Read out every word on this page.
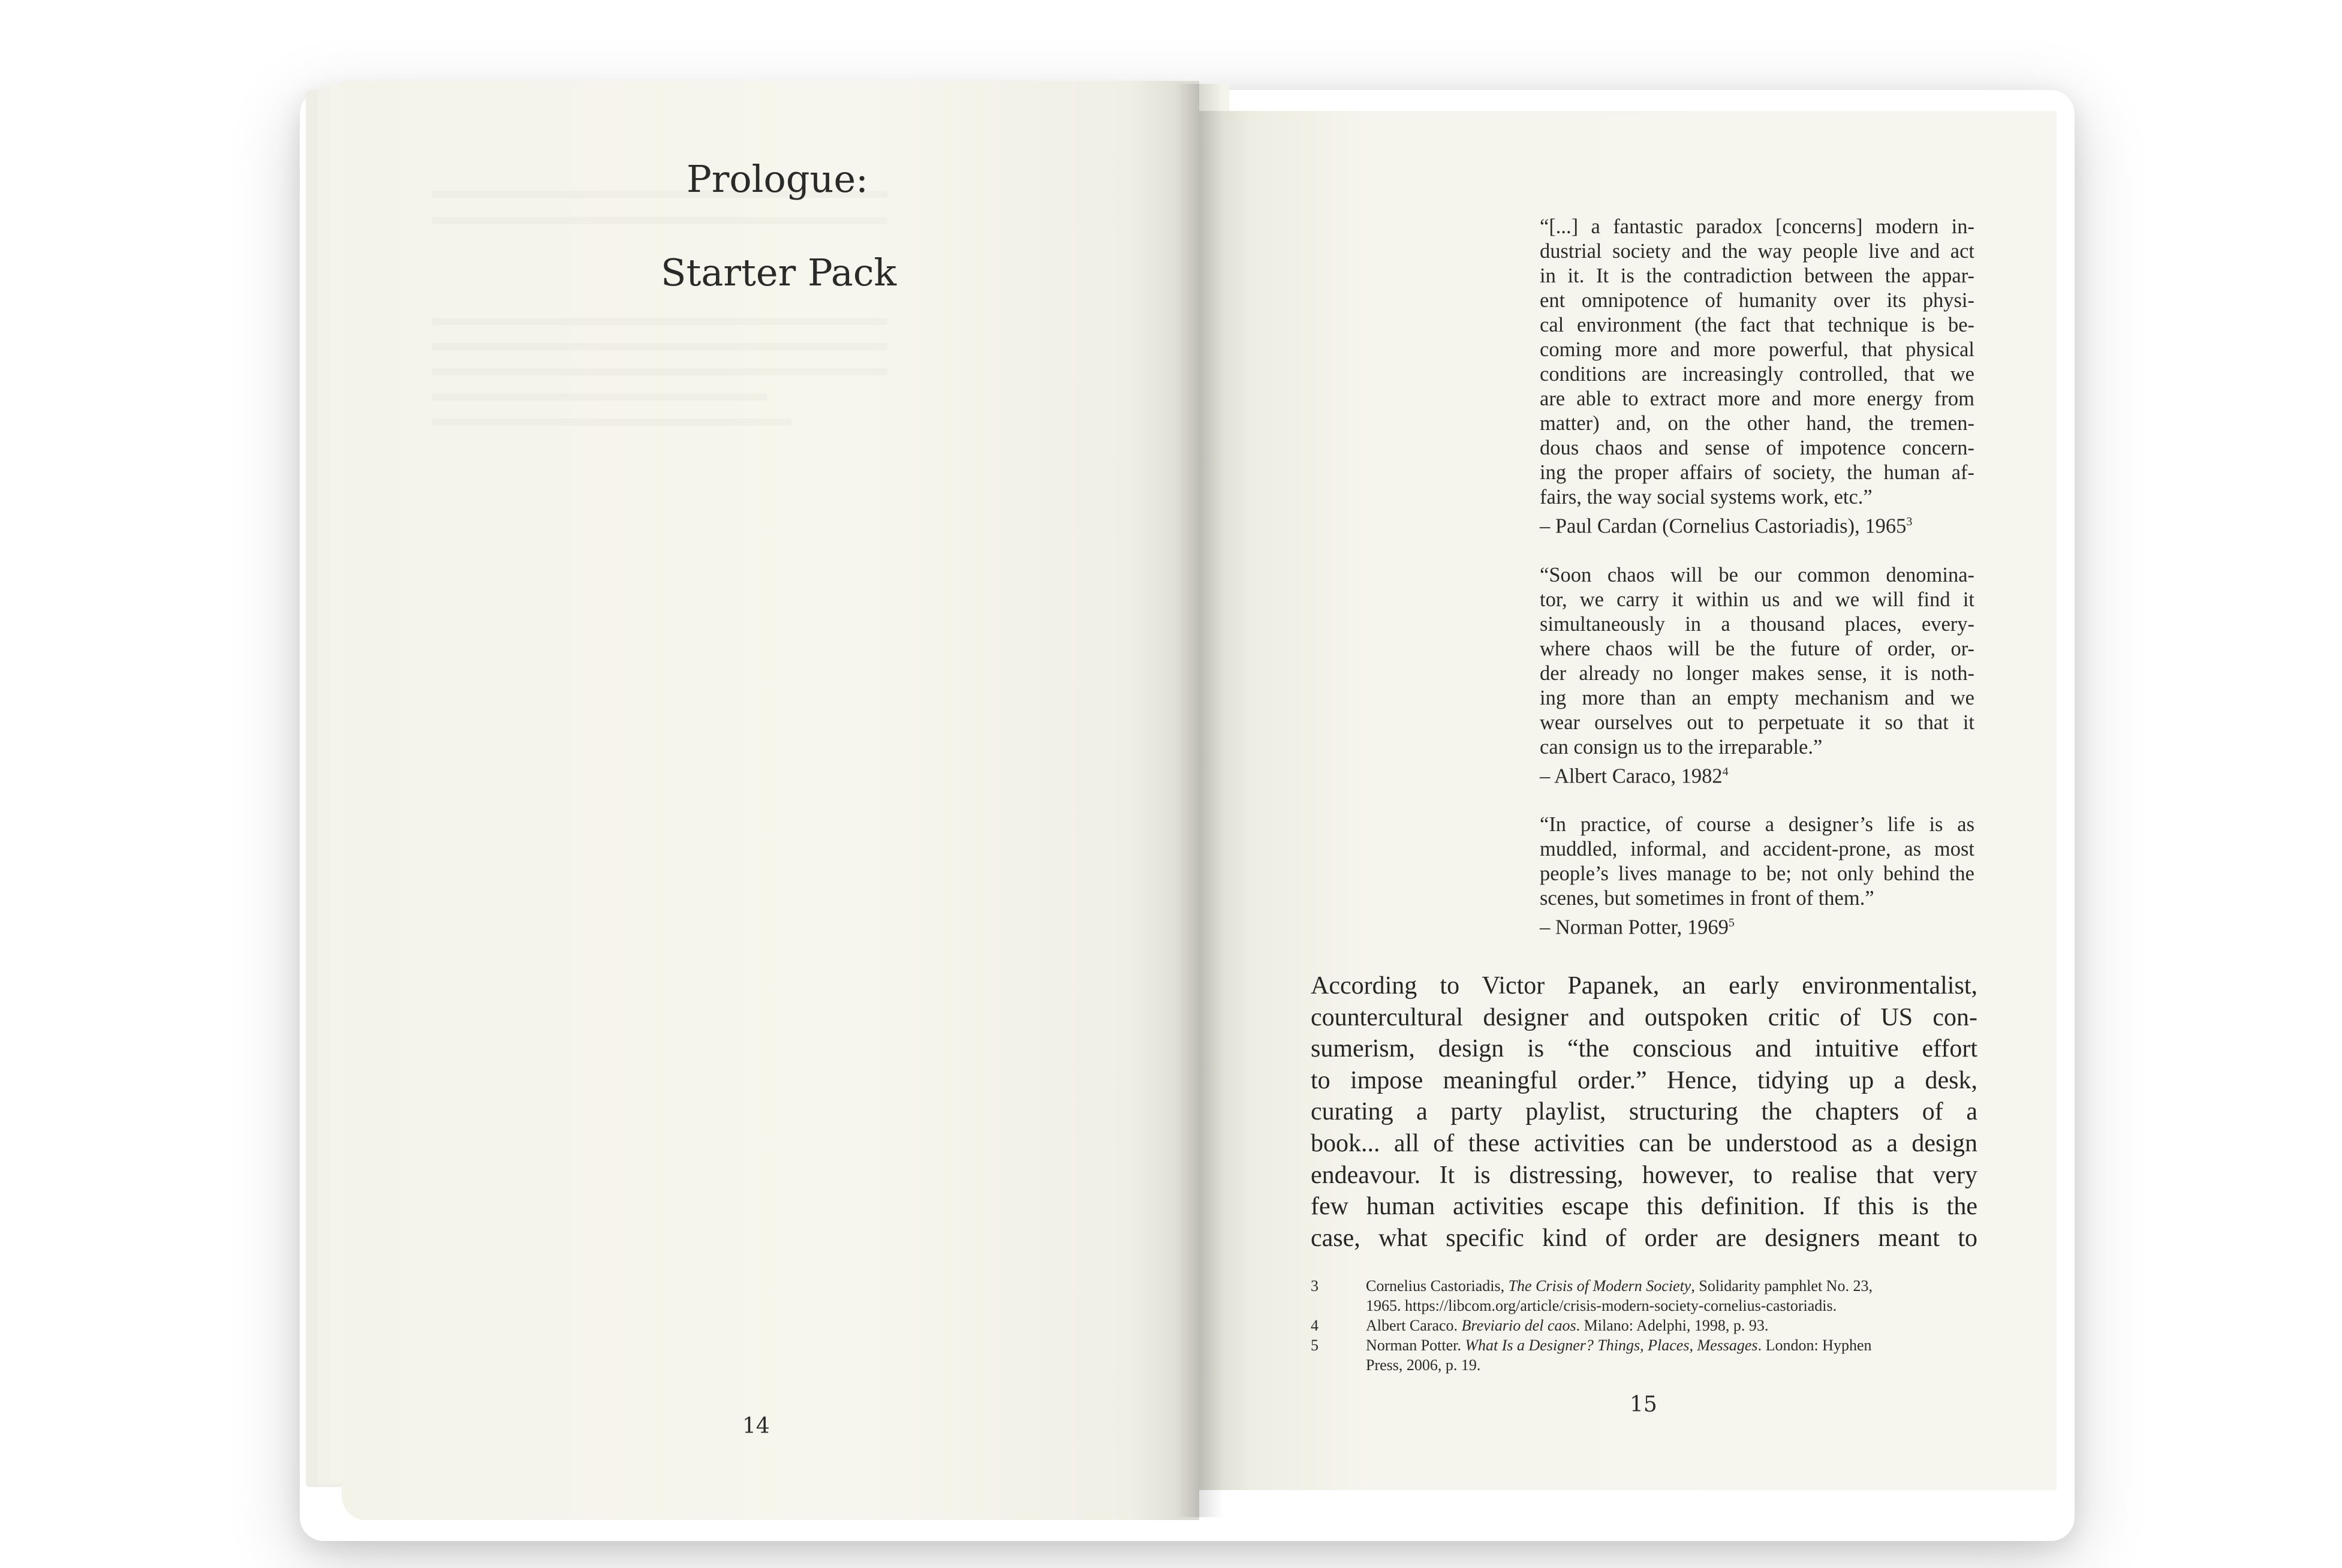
Prologue:
Starter Pack
14
“[...] a fantastic paradox [concerns] modern in-
dustrial society and the way people live and act
in it. It is the contradiction between the appar-
ent omnipotence of humanity over its physi-
cal environment (the fact that technique is be-
coming more and more powerful, that physical
conditions are increasingly controlled, that we
are able to extract more and more energy from
matter) and, on the other hand, the tremen-
dous chaos and sense of impotence concern-
ing the proper affairs of society, the human af-
fairs, the way social systems work, etc.”
– Paul Cardan (Cornelius Castoriadis), 1965$^3$
“Soon chaos will be our common denomina-
tor, we carry it within us and we will find it
simultaneously in a thousand places, every-
where chaos will be the future of order, or-
der already no longer makes sense, it is noth-
ing more than an empty mechanism and we
wear ourselves out to perpetuate it so that it
can consign us to the irreparable.”
– Albert Caraco, 1982$^4$
“In practice, of course a designer’s life is as
muddled, informal, and accident-prone, as most
people’s lives manage to be; not only behind the
scenes, but sometimes in front of them.”
– Norman Potter, 1969$^5$
According to Victor Papanek, an early environmentalist,
countercultural designer and outspoken critic of US con-
sumerism, design is “the conscious and intuitive effort
to impose meaningful order.” Hence, tidying up a desk,
curating a party playlist, structuring the chapters of a
book... all of these activities can be understood as a design
endeavour. It is distressing, however, to realise that very
few human activities escape this definition. If this is the
case, what specific kind of order are designers meant to
3	Cornelius Castoriadis, The Crisis of Modern Society, Solidarity pamphlet No. 23,
1965. https://libcom.org/article/crisis-modern-society-cornelius-castoriadis.
4	Albert Caraco. Breviario del caos. Milano: Adelphi, 1998, p. 93.
5	Norman Potter. What Is a Designer? Things, Places, Messages. London: Hyphen
Press, 2006, p. 19.
15
